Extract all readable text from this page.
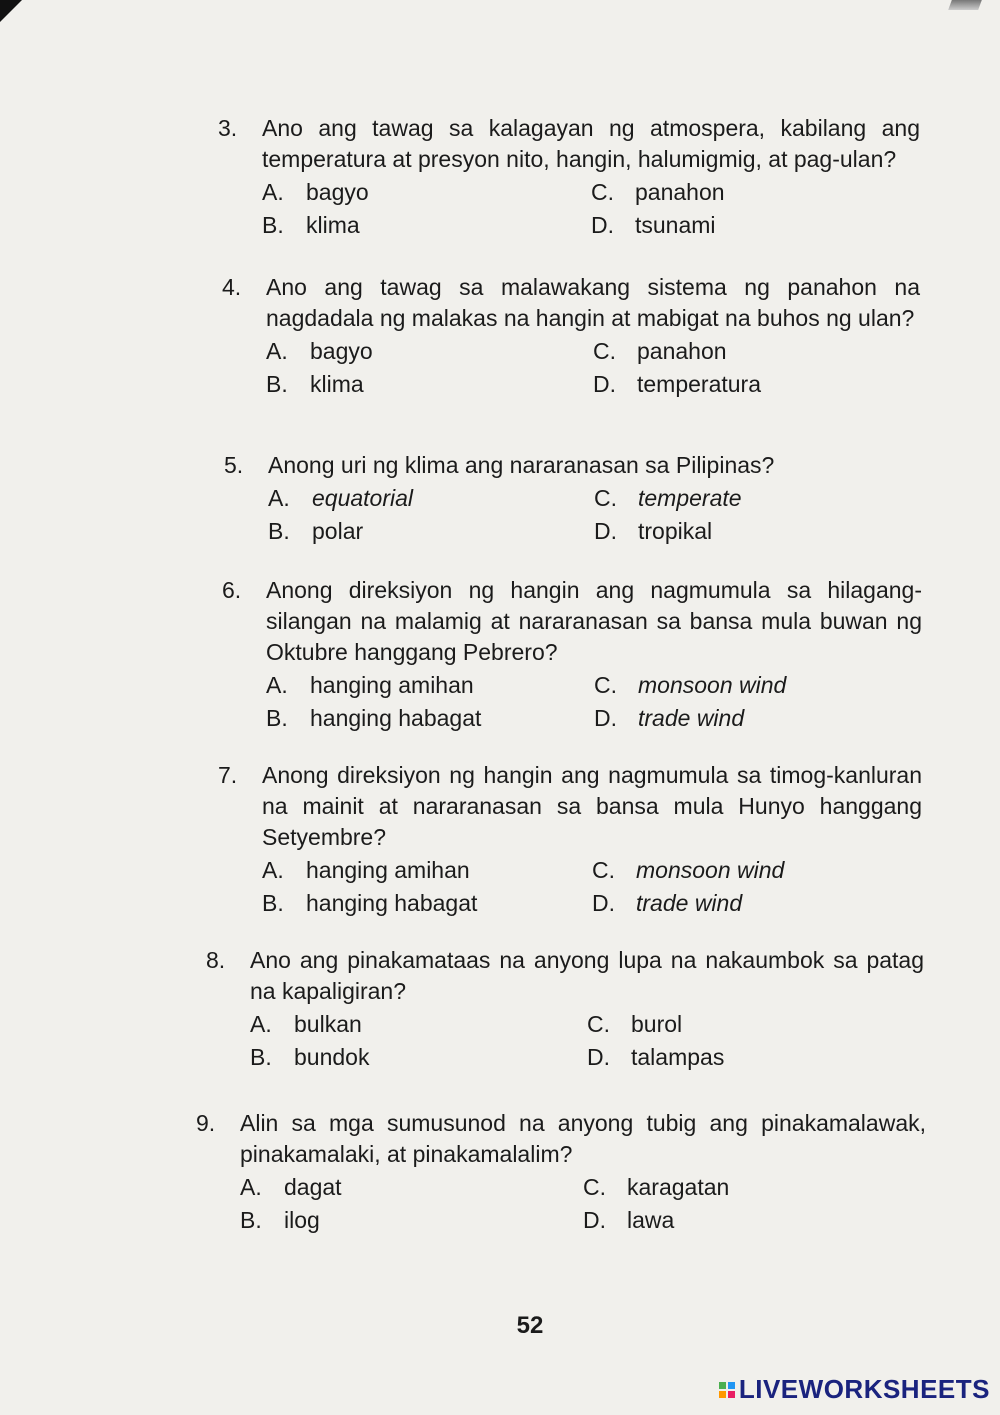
3.	Ano ang tawag sa kalagayan ng atmospera, kabilang ang temperatura at presyon nito, hangin, halumigmig, at pag-ulan?
A. bagyo	C. panahon
B. klima	D. tsunami
4.	Ano ang tawag sa malawakang sistema ng panahon na nagdadala ng malakas na hangin at mabigat na buhos ng ulan?
A. bagyo	C. panahon
B. klima	D. temperatura
5.	Anong uri ng klima ang nararanasan sa Pilipinas?
A. equatorial	C. temperate
B. polar	D. tropikal
6.	Anong direksiyon ng hangin ang nagmumula sa hilagang-silangan na malamig at nararanasan sa bansa mula buwan ng Oktubre hanggang Pebrero?
A. hanging amihan	C. monsoon wind
B. hanging habagat	D. trade wind
7.	Anong direksiyon ng hangin ang nagmumula sa timog-kanluran na mainit at nararanasan sa bansa mula Hunyo hanggang Setyembre?
A. hanging amihan	C. monsoon wind
B. hanging habagat	D. trade wind
8.	Ano ang pinakamataas na anyong lupa na nakaumbok sa patag na kapaligiran?
A. bulkan	C. burol
B. bundok	D. talampas
9.	Alin sa mga sumusunod na anyong tubig ang pinakamalawak, pinakamalaki, at pinakamalalim?
A. dagat	C. karagatan
B. ilog	D. lawa
52
LIVEWORKSHEETS
